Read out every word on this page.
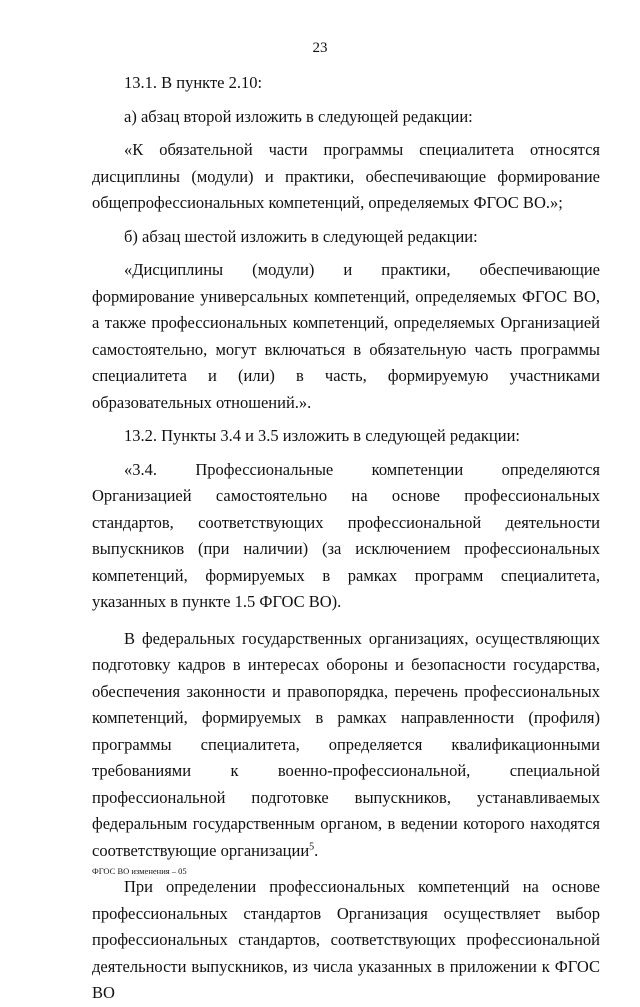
23

13.1. В пункте 2.10:

а) абзац второй изложить в следующей редакции:

«К обязательной части программы специалитета относятся дисциплины (модули) и практики, обеспечивающие формирование общепрофессиональных компетенций, определяемых ФГОС ВО.»;

б) абзац шестой изложить в следующей редакции:

«Дисциплины (модули) и практики, обеспечивающие формирование универсальных компетенций, определяемых ФГОС ВО, а также профессиональных компетенций, определяемых Организацией самостоятельно, могут включаться в обязательную часть программы специалитета и (или) в часть, формируемую участниками образовательных отношений.».

13.2. Пункты 3.4 и 3.5 изложить в следующей редакции:

«3.4. Профессиональные компетенции определяются Организацией самостоятельно на основе профессиональных стандартов, соответствующих профессиональной деятельности выпускников (при наличии) (за исключением профессиональных компетенций, формируемых в рамках программ специалитета, указанных в пункте 1.5 ФГОС ВО).

В федеральных государственных организациях, осуществляющих подготовку кадров в интересах обороны и безопасности государства, обеспечения законности и правопорядка, перечень профессиональных компетенций, формируемых в рамках направленности (профиля) программы специалитета, определяется квалификационными требованиями к военно-профессиональной, специальной профессиональной подготовке выпускников, устанавливаемых федеральным государственным органом, в ведении которого находятся соответствующие организации$^5$.

При определении профессиональных компетенций на основе профессиональных стандартов Организация осуществляет выбор профессиональных стандартов, соответствующих профессиональной деятельности выпускников, из числа указанных в приложении к ФГОС ВО

ФГОС ВО изменения – 05
